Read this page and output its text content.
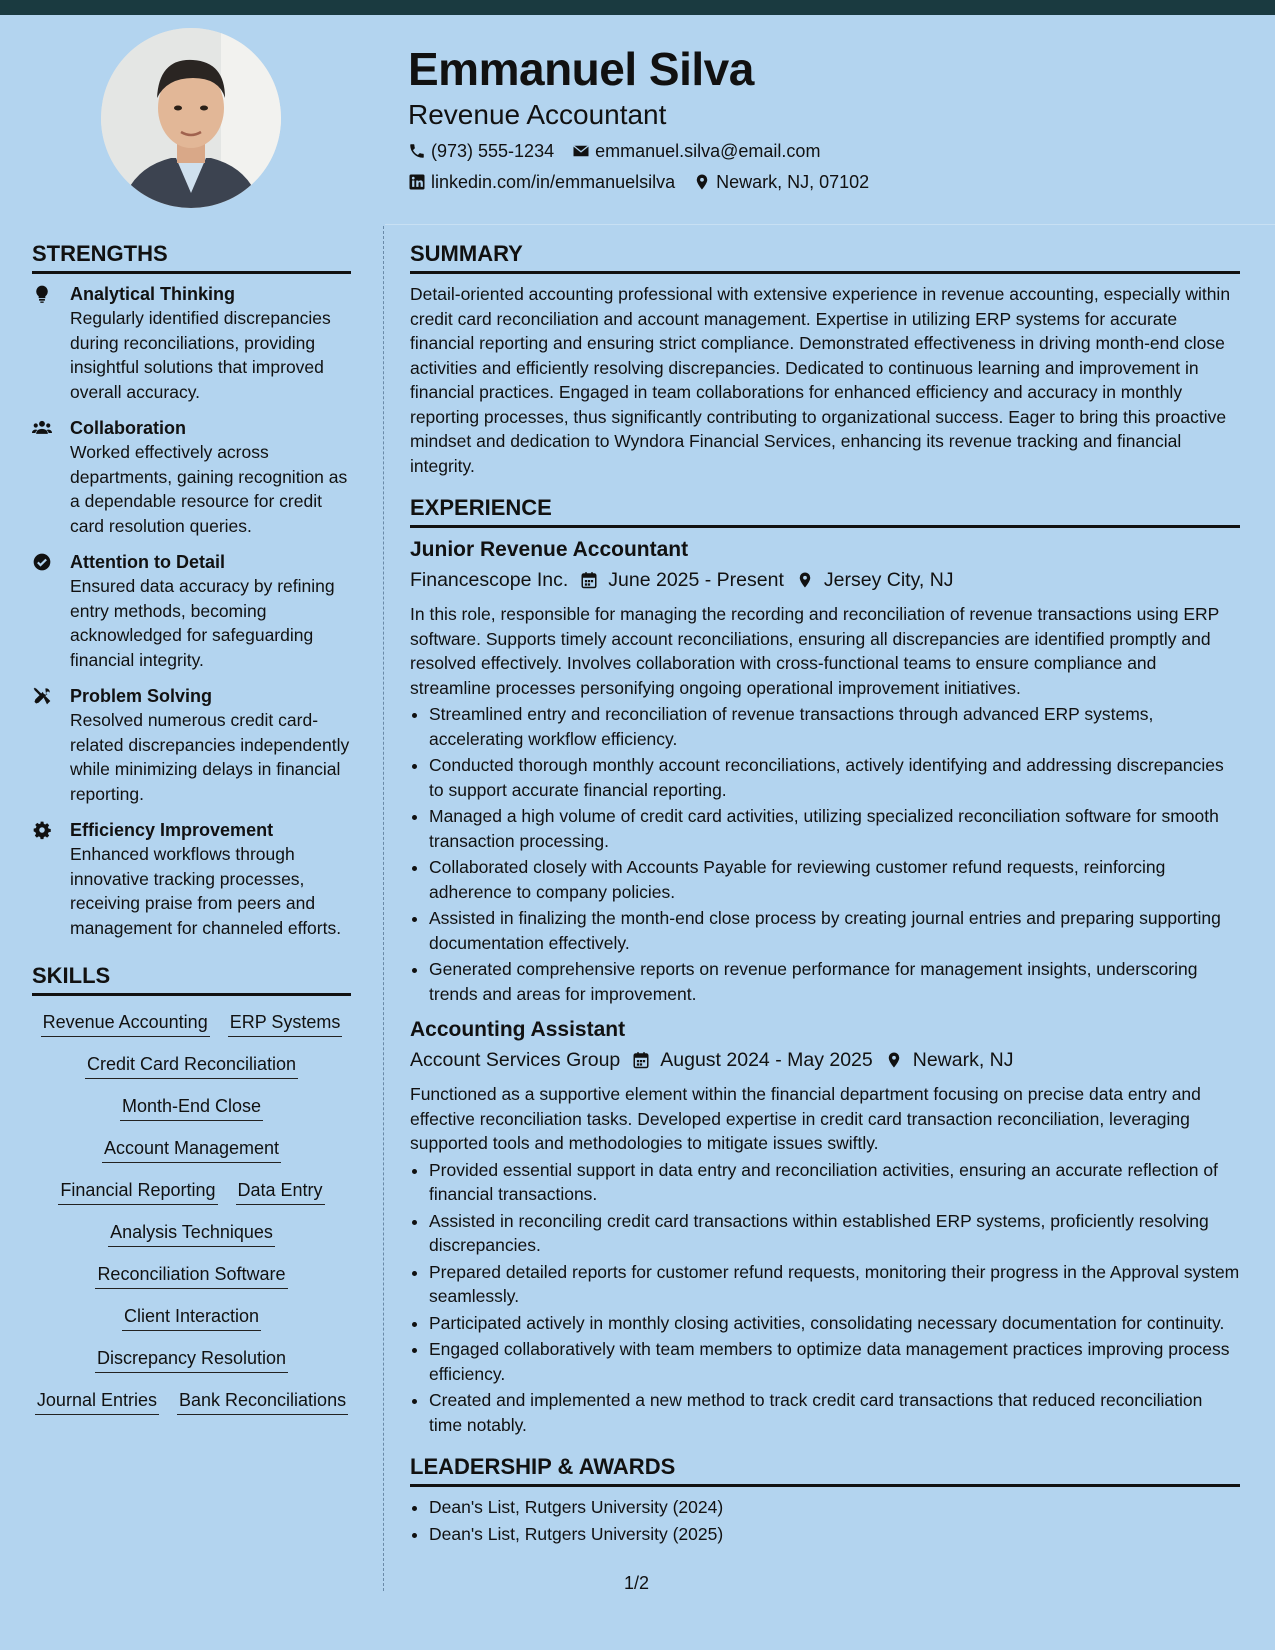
Emmanuel Silva
Revenue Accountant
(973) 555-1234 emmanuel.silva@email.com
linkedin.com/in/emmanuelsilva Newark, NJ, 07102
STRENGTHS
Analytical Thinking
Regularly identified discrepancies during reconciliations, providing insightful solutions that improved overall accuracy.
Collaboration
Worked effectively across departments, gaining recognition as a dependable resource for credit card resolution queries.
Attention to Detail
Ensured data accuracy by refining entry methods, becoming acknowledged for safeguarding financial integrity.
Problem Solving
Resolved numerous credit card-related discrepancies independently while minimizing delays in financial reporting.
Efficiency Improvement
Enhanced workflows through innovative tracking processes, receiving praise from peers and management for channeled efforts.
SKILLS
Revenue Accounting ERP Systems
Credit Card Reconciliation
Month-End Close
Account Management
Financial Reporting Data Entry
Analysis Techniques
Reconciliation Software
Client Interaction
Discrepancy Resolution
Journal Entries Bank Reconciliations
SUMMARY

Detail-oriented accounting professional with extensive experience in revenue accounting, especially within credit card reconciliation and account management. Expertise in utilizing ERP systems for accurate financial reporting and ensuring strict compliance. Demonstrated effectiveness in driving month-end close activities and efficiently resolving discrepancies. Dedicated to continuous learning and improvement in financial practices. Engaged in team collaborations for enhanced efficiency and accuracy in monthly reporting processes, thus significantly contributing to organizational success. Eager to bring this proactive mindset and dedication to Wyndora Financial Services, enhancing its revenue tracking and financial integrity.

EXPERIENCE
Junior Revenue Accountant
Financescope Inc. June 2025 - Present Jersey City, NJ

In this role, responsible for managing the recording and reconciliation of revenue transactions using ERP software. Supports timely account reconciliations, ensuring all discrepancies are identified promptly and resolved effectively. Involves collaboration with cross-functional teams to ensure compliance and streamline processes personifying ongoing operational improvement initiatives.

• Streamlined entry and reconciliation of revenue transactions through advanced ERP systems, accelerating workflow efficiency.
• Conducted thorough monthly account reconciliations, actively identifying and addressing discrepancies to support accurate financial reporting.
• Managed a high volume of credit card activities, utilizing specialized reconciliation software for smooth transaction processing.
• Collaborated closely with Accounts Payable for reviewing customer refund requests, reinforcing adherence to company policies.
• Assisted in finalizing the month-end close process by creating journal entries and preparing supporting documentation effectively.
• Generated comprehensive reports on revenue performance for management insights, underscoring trends and areas for improvement.
Accounting Assistant
Account Services Group August 2024 - May 2025 Newark, NJ

Functioned as a supportive element within the financial department focusing on precise data entry and effective reconciliation tasks. Developed expertise in credit card transaction reconciliation, leveraging supported tools and methodologies to mitigate issues swiftly.

• Provided essential support in data entry and reconciliation activities, ensuring an accurate reflection of financial transactions.
• Assisted in reconciling credit card transactions within established ERP systems, proficiently resolving discrepancies.
• Prepared detailed reports for customer refund requests, monitoring their progress in the Approval system seamlessly.
• Participated actively in monthly closing activities, consolidating necessary documentation for continuity.
• Engaged collaboratively with team members to optimize data management practices improving process efficiency.
• Created and implemented a new method to track credit card transactions that reduced reconciliation time notably.
LEADERSHIP & AWARDS
• Dean's List, Rutgers University (2024)
• Dean's List, Rutgers University (2025)
1/2
